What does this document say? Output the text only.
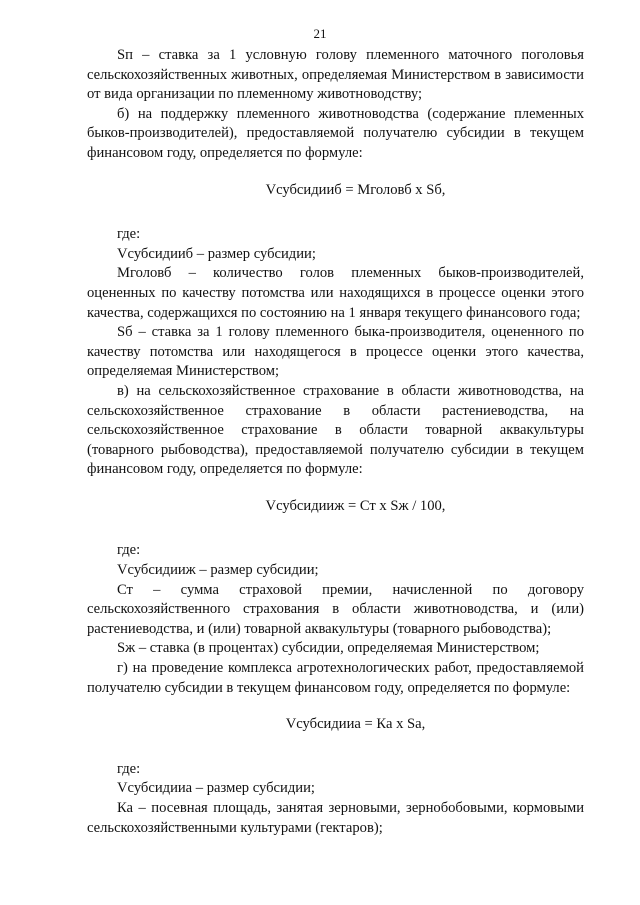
21

Sп – ставка за 1 условную голову племенного маточного поголовья сельскохозяйственных животных, определяемая Министерством в зависимости от вида организации по племенному животноводству;

б) на поддержку племенного животноводства (содержание племенных быков-производителей), предоставляемой получателю субсидии в текущем финансовом году, определяется по формуле:

Vсубсидииб = Мголовб х Sб,

где:

Vсубсидииб – размер субсидии;

Мголовб – количество голов племенных быков-производителей, оцененных по качеству потомства или находящихся в процессе оценки этого качества, содержащихся по состоянию на 1 января текущего финансового года;

Sб – ставка за 1 голову племенного быка-производителя, оцененного по качеству потомства или находящегося в процессе оценки этого качества, определяемая Министерством;

в) на сельскохозяйственное страхование в области животноводства, на сельскохозяйственное страхование в области растениеводства, на сельскохозяйственное страхование в области товарной аквакультуры (товарного рыбоводства), предоставляемой получателю субсидии в текущем финансовом году, определяется по формуле:

Vсубсидииж = Ст х Sж / 100,

где:

Vсубсидииж – размер субсидии;

Ст – сумма страховой премии, начисленной по договору сельскохозяйственного страхования в области животноводства, и (или) растениеводства, и (или) товарной аквакультуры (товарного рыбоводства);

Sж – ставка (в процентах) субсидии, определяемая Министерством;

г) на проведение комплекса агротехнологических работ, предоставляемой получателю субсидии в текущем финансовом году, определяется по формуле:

Vсубсидииа = Ка х Sа,

где:

Vсубсидииа – размер субсидии;

Ка – посевная площадь, занятая зерновыми, зернобобовыми, кормовыми сельскохозяйственными культурами (гектаров);
